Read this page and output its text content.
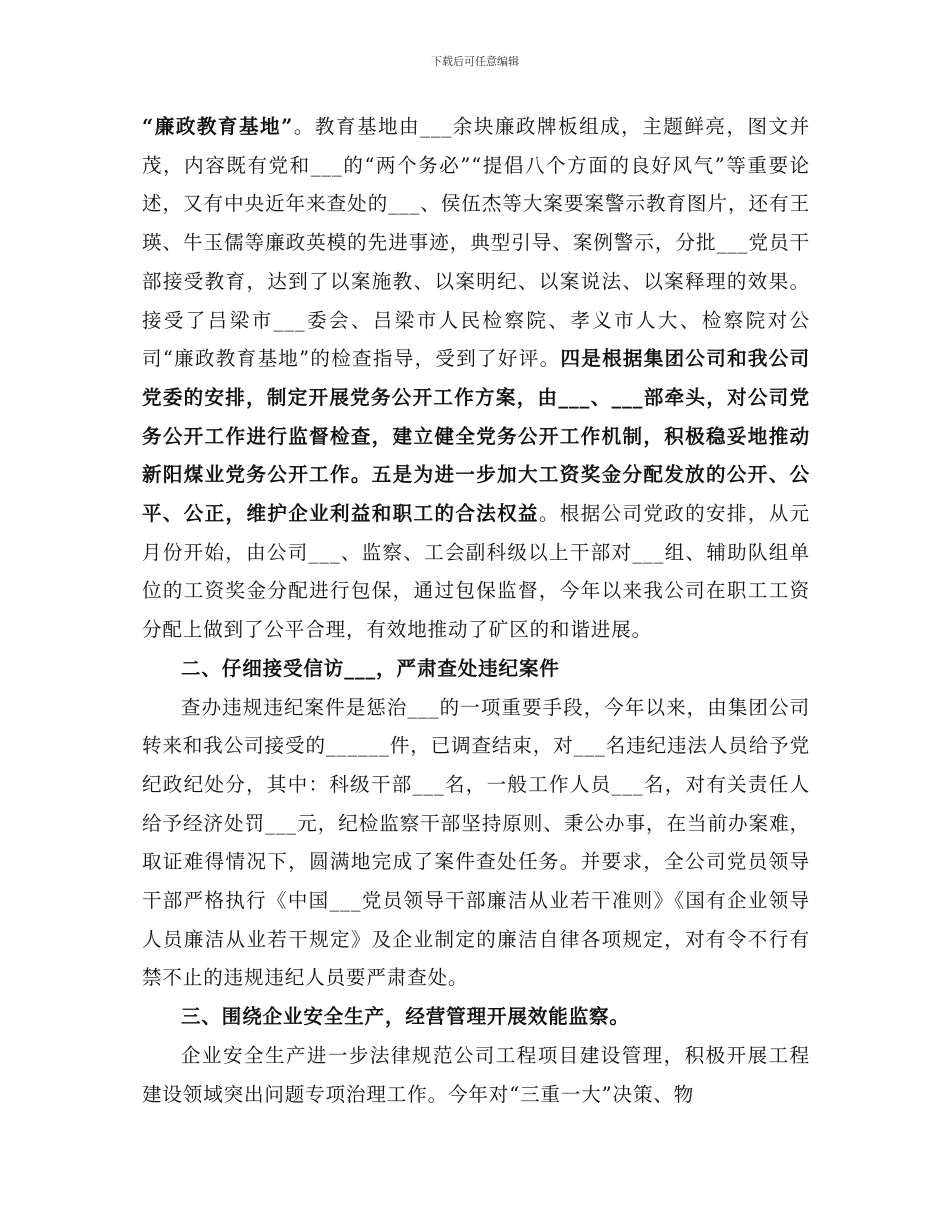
下载后可任意编辑

“廉政教育基地”。教育基地由___余块廉政牌板组成，主题鲜亮，图文并茂，内容既有党和___的“两个务必”“提倡八个方面的良好风气”等重要论述，又有中央近年来查处的___、侯伍杰等大案要案警示教育图片，还有王瑛、牛玉儒等廉政英模的先进事迹，典型引导、案例警示，分批___党员干部接受教育，达到了以案施教、以案明纪、以案说法、以案释理的效果。接受了吕梁市___委会、吕梁市人民检察院、孝义市人大、检察院对公司“廉政教育基地”的检查指导，受到了好评。四是根据集团公司和我公司党委的安排，制定开展党务公开工作方案，由___、___部牵头，对公司党务公开工作进行监督检查，建立健全党务公开工作机制，积极稳妥地推动新阳煤业党务公开工作。五是为进一步加大工资奖金分配发放的公开、公平、公正，维护企业利益和职工的合法权益。根据公司党政的安排，从元月份开始，由公司___、监察、工会副科级以上干部对___组、辅助队组单位的工资奖金分配进行包保，通过包保监督，今年以来我公司在职工工资分配上做到了公平合理，有效地推动了矿区的和谐进展。

二、仔细接受信访___，严肃查处违纪案件

查办违规违纪案件是惩治___的一项重要手段，今年以来，由集团公司转来和我公司接受的______件，已调查结束，对___名违纪违法人员给予党纪政纪处分，其中：科级干部___名，一般工作人员___名，对有关责任人给予经济处罚___元，纪检监察干部坚持原则、秉公办事，在当前办案难，取证难得情况下，圆满地完成了案件查处任务。并要求，全公司党员领导干部严格执行《中国___党员领导干部廉洁从业若干准则》《国有企业领导人员廉洁从业若干规定》及企业制定的廉洁自律各项规定，对有令不行有禁不止的违规违纪人员要严肃查处。

三、围绕企业安全生产，经营管理开展效能监察。

企业安全生产进一步法律规范公司工程项目建设管理，积极开展工程建设领域突出问题专项治理工作。今年对“三重一大”决策、物
